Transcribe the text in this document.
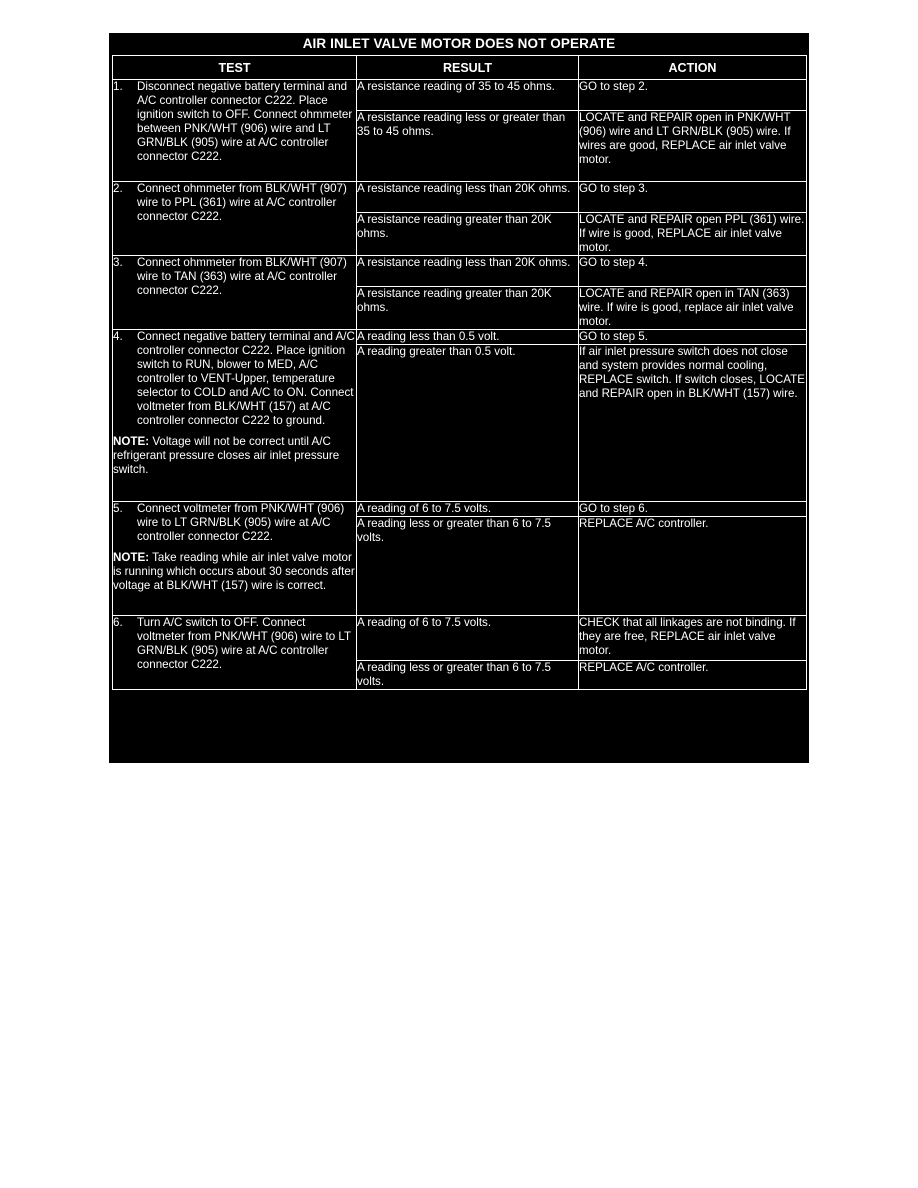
AIR INLET VALVE MOTOR DOES NOT OPERATE
TEST	RESULT	ACTION

1. Disconnect negative battery terminal and A/C controller connector C222. Place ignition switch to OFF. Connect ohmmeter between PNK/WHT (906) wire and LT GRN/BLK (905) wire at A/C controller connector C222.	A resistance reading of 35 to 45 ohms.	GO to step 2.
	A resistance reading less or greater than 35 to 45 ohms.	LOCATE and REPAIR open in PNK/WHT (906) wire and LT GRN/BLK (905) wire. If wires are good, REPLACE air inlet valve motor.

2. Connect ohmmeter from BLK/WHT (907) wire to PPL (361) wire at A/C controller connector C222.	A resistance reading less than 20K ohms.	GO to step 3.
	A resistance reading greater than 20K ohms.	LOCATE and REPAIR open PPL (361) wire. If wire is good, REPLACE air inlet valve motor.

3. Connect ohmmeter from BLK/WHT (907) wire to TAN (363) wire at A/C controller connector C222.	A resistance reading less than 20K ohms.	GO to step 4.
	A resistance reading greater than 20K ohms.	LOCATE and REPAIR open in TAN (363) wire. If wire is good, replace air inlet valve motor.

4. Connect negative battery terminal and A/C controller connector C222. Place ignition switch to RUN, blower to MED, A/C controller to VENT-Upper, temperature selector to COLD and A/C to ON. Connect voltmeter from BLK/WHT (157) at A/C controller connector C222 to ground.
NOTE: Voltage will not be correct until A/C refrigerant pressure closes air inlet pressure switch.	A reading less than 0.5 volt.	GO to step 5.
	A reading greater than 0.5 volt.	If air inlet pressure switch does not close and system provides normal cooling, REPLACE switch. If switch closes, LOCATE and REPAIR open in BLK/WHT (157) wire.

5. Connect voltmeter from PNK/WHT (906) wire to LT GRN/BLK (905) wire at A/C controller connector C222.
NOTE: Take reading while air inlet valve motor is running which occurs about 30 seconds after voltage at BLK/WHT (157) wire is correct.	A reading of 6 to 7.5 volts.	GO to step 6.
	A reading less or greater than 6 to 7.5 volts.	REPLACE A/C controller.

6. Turn A/C switch to OFF. Connect voltmeter from PNK/WHT (906) wire to LT GRN/BLK (905) wire at A/C controller connector C222.	A reading of 6 to 7.5 volts.	CHECK that all linkages are not binding. If they are free, REPLACE air inlet valve motor.
	A reading less or greater than 6 to 7.5 volts.	REPLACE A/C controller.
